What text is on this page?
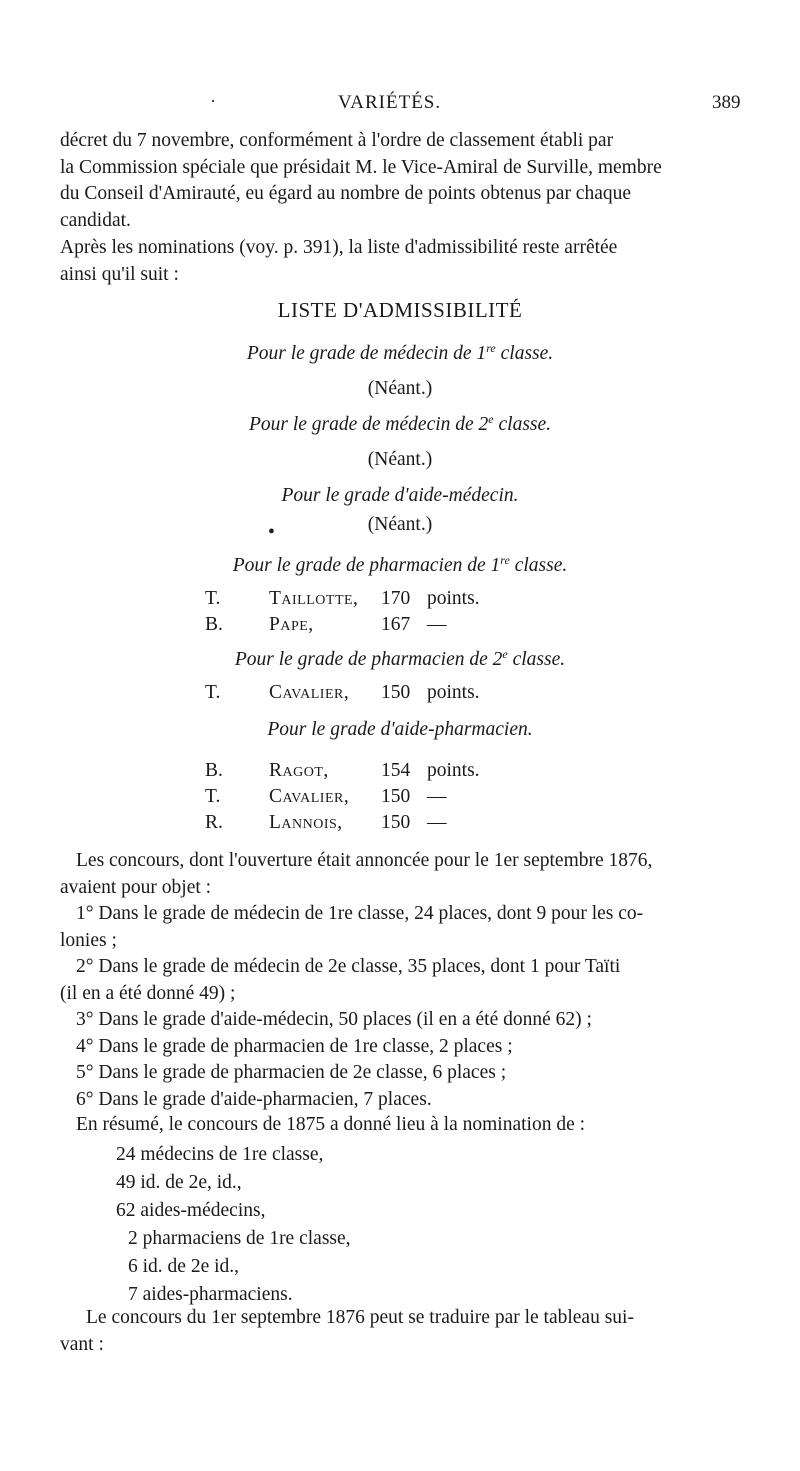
·	VARIÉTÉS.	389
décret du 7 novembre, conformément à l'ordre de classement établi par
la Commission spéciale que présidait M. le Vice-Amiral de Surville, membre
du Conseil d'Amirauté, eu égard au nombre de points obtenus par chaque
candidat.
Après les nominations (voy. p. 391), la liste d'admissibilité reste arrêtée
ainsi qu'il suit :
LISTE D'ADMISSIBILITÉ
Pour le grade de médecin de 1re classe.
(Néant.)
Pour le grade de médecin de 2e classe.
(Néant.)
Pour le grade d'aide-médecin.
•	(Néant.)
Pour le grade de pharmacien de 1re classe.
T. Taillotte, 170 points.
B. Pape,	167 —
Pour le grade de pharmacien de 2e classe.
T. Cavalier, 150 points.
Pour le grade d'aide-pharmacien.
B. Ragot,	154 points.
T. Cavalier, 150 —
R. Lannois, 150 —
Les concours, dont l'ouverture était annoncée pour le 1er septembre 1876,
avaient pour objet :
1° Dans le grade de médecin de 1re classe, 24 places, dont 9 pour les co-
lonies ;
2° Dans le grade de médecin de 2e classe, 35 places, dont 1 pour Taïti
(il en a été donné 49) ;
3° Dans le grade d'aide-médecin, 50 places (il en a été donné 62) ;
4° Dans le grade de pharmacien de 1re classe, 2 places ;
5° Dans le grade de pharmacien de 2e classe, 6 places ;
6° Dans le grade d'aide-pharmacien, 7 places.
En résumé, le concours de 1875 a donné lieu à la nomination de :
24 médecins de 1re classe,
49 id. de 2e, id.,
62 aides-médecins,
2 pharmaciens de 1re classe,
6 id. de 2e id.,
7 aides-pharmaciens.
Le concours du 1er septembre 1876 peut se traduire par le tableau sui-
vant :
